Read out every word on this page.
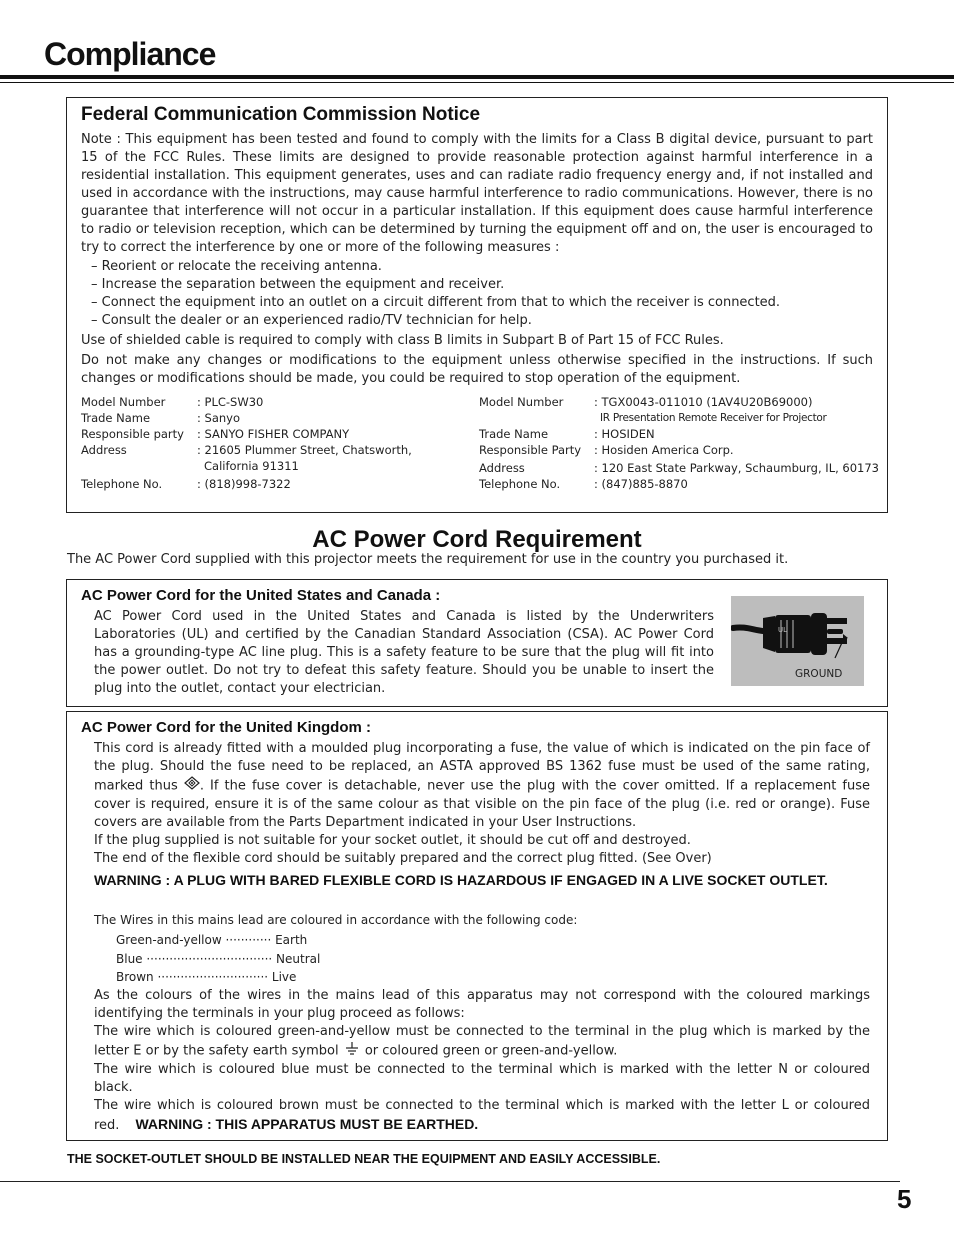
Compliance
Federal Communication Commission Notice

Note : This equipment has been tested and found to comply with the limits for a Class B digital device, pursuant to part 15 of the FCC Rules. These limits are designed to provide reasonable protection against harmful interference in a residential installation. This equipment generates, uses and can radiate radio frequency energy and, if not installed and used in accordance with the instructions, may cause harmful interference to radio communications. However, there is no guarantee that interference will not occur in a particular installation. If this equipment does cause harmful interference to radio or television reception, which can be determined by turning the equipment off and on, the user is encouraged to try to correct the interference by one or more of the following measures :

– Reorient or relocate the receiving antenna.
– Increase the separation between the equipment and receiver.
– Connect the equipment into an outlet on a circuit different from that to which the receiver is connected.
– Consult the dealer or an experienced radio/TV technician for help.

Use of shielded cable is required to comply with class B limits in Subpart B of Part 15 of FCC Rules.

Do not make any changes or modifications to the equipment unless otherwise specified in the instructions. If such changes or modifications should be made, you could be required to stop operation of the equipment.

Model Number	: PLC-SW30
Trade Name	: Sanyo
Responsible party : SANYO FISHER COMPANY
Address	: 21605 Plummer Street, Chatsworth,
California 91311
Telephone No.	: (818)998-7322
Model Number	: TGX0043-011010 (1AV4U20B69000)
IR Presentation Remote Receiver for Projector
Trade Name	: HOSIDEN
Responsible Party : Hosiden America Corp.
Address	: 120 East State Parkway, Schaumburg, IL, 60173
Telephone No.	: (847)885-8870
AC Power Cord Requirement

The AC Power Cord supplied with this projector meets the requirement for use in the country you purchased it.

AC Power Cord for the United States and Canada :

AC Power Cord used in the United States and Canada is listed by the Underwriters Laboratories (UL) and certified by the Canadian Standard Association (CSA). AC Power Cord has a grounding-type AC line plug. This is a safety feature to be sure that the plug will fit into the power outlet. Do not try to defeat this safety feature. Should you be unable to insert the plug into the outlet, contact your electrician.

UL
GROUND
AC Power Cord for the United Kingdom :
This cord is already fitted with a moulded plug incorporating a fuse, the value of which is indicated on the pin face of the plug. Should the fuse need to be replaced, an ASTA approved BS 1362 fuse must be used of the same rating, marked thus . If the fuse cover is detachable, never use the plug with the cover omitted. If a replacement fuse cover is required, ensure it is of the same colour as that visible on the pin face of the plug (i.e. red or orange). Fuse covers are available from the Parts Department indicated in your User Instructions.
If the plug supplied is not suitable for your socket outlet, it should be cut off and destroyed.
The end of the flexible cord should be suitably prepared and the correct plug fitted. (See Over)

WARNING : A PLUG WITH BARED FLEXIBLE CORD IS HAZARDOUS IF ENGAGED IN A LIVE SOCKET OUTLET.

The Wires in this mains lead are coloured in accordance with the following code:

Green-and-yellow ············ Earth
Blue ································· Neutral
Brown ····························· Live
As the colours of the wires in the mains lead of this apparatus may not correspond with the coloured markings identifying the terminals in your plug proceed as follows:
The wire which is coloured green-and-yellow must be connected to the terminal in the plug which is marked by the letter E or by the safety earth symbol or coloured green or green-and-yellow.
The wire which is coloured blue must be connected to the terminal which is marked with the letter N or coloured black.
The wire which is coloured brown must be connected to the terminal which is marked with the letter L or coloured red. WARNING : THIS APPARATUS MUST BE EARTHED.

THE SOCKET-OUTLET SHOULD BE INSTALLED NEAR THE EQUIPMENT AND EASILY ACCESSIBLE.

5
